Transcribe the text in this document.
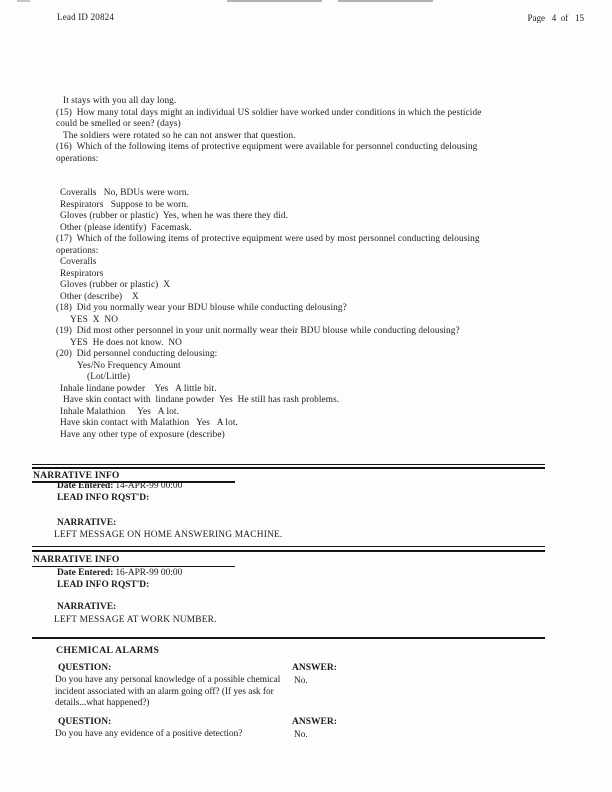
Lead ID 20824	Page   4  of   15
It stays with you all day long.
(15)  How many total days might an individual US soldier have worked under conditions in which the pesticide
could be smelled or seen? (days)
The soldiers were rotated so he can not answer that question.
(16)  Which of the following items of protective equipment were available for personnel conducting delousing
operations:
Coveralls   No, BDUs were worn.
Respirators   Suppose to be worn.
Gloves (rubber or plastic)  Yes, when he was there they did.
Other (please identify)  Facemask.
(17)  Which of the following items of protective equipment were used by most personnel conducting delousing
operations:
Coveralls
Respirators
Gloves (rubber or plastic)  X
Other (describe)    X
(18)  Did you normally wear your BDU blouse while conducting delousing?
YES  X  NO
(19)  Did most other personnel in your unit normally wear their BDU blouse while conducting delousing?
YES  He does not know.  NO
(20)  Did personnel conducting delousing:
Yes/No Frequency Amount
(Lot/Little)
Inhale lindane powder    Yes   A little bit.
Have skin contact with  lindane powder  Yes  He still has rash problems.
Inhale Malathion     Yes   A lot.
Have skin contact with Malathion   Yes   A lot.
Have any other type of exposure (describe)
NARRATIVE INFO
Date Entered: 14-APR-99 00:00
LEAD INFO RQST'D:
NARRATIVE:
LEFT MESSAGE ON HOME ANSWERING MACHINE.
NARRATIVE INFO
Date Entered: 16-APR-99 00:00
LEAD INFO RQST'D:
NARRATIVE:
LEFT MESSAGE AT WORK NUMBER.
CHEMICAL ALARMS
QUESTION:	ANSWER:
Do you have any personal knowledge of a possible chemical incident associated with an alarm going off? (If yes ask for details...what happened?)
No.
QUESTION:	ANSWER:
Do you have any evidence of a positive detection?	No.
